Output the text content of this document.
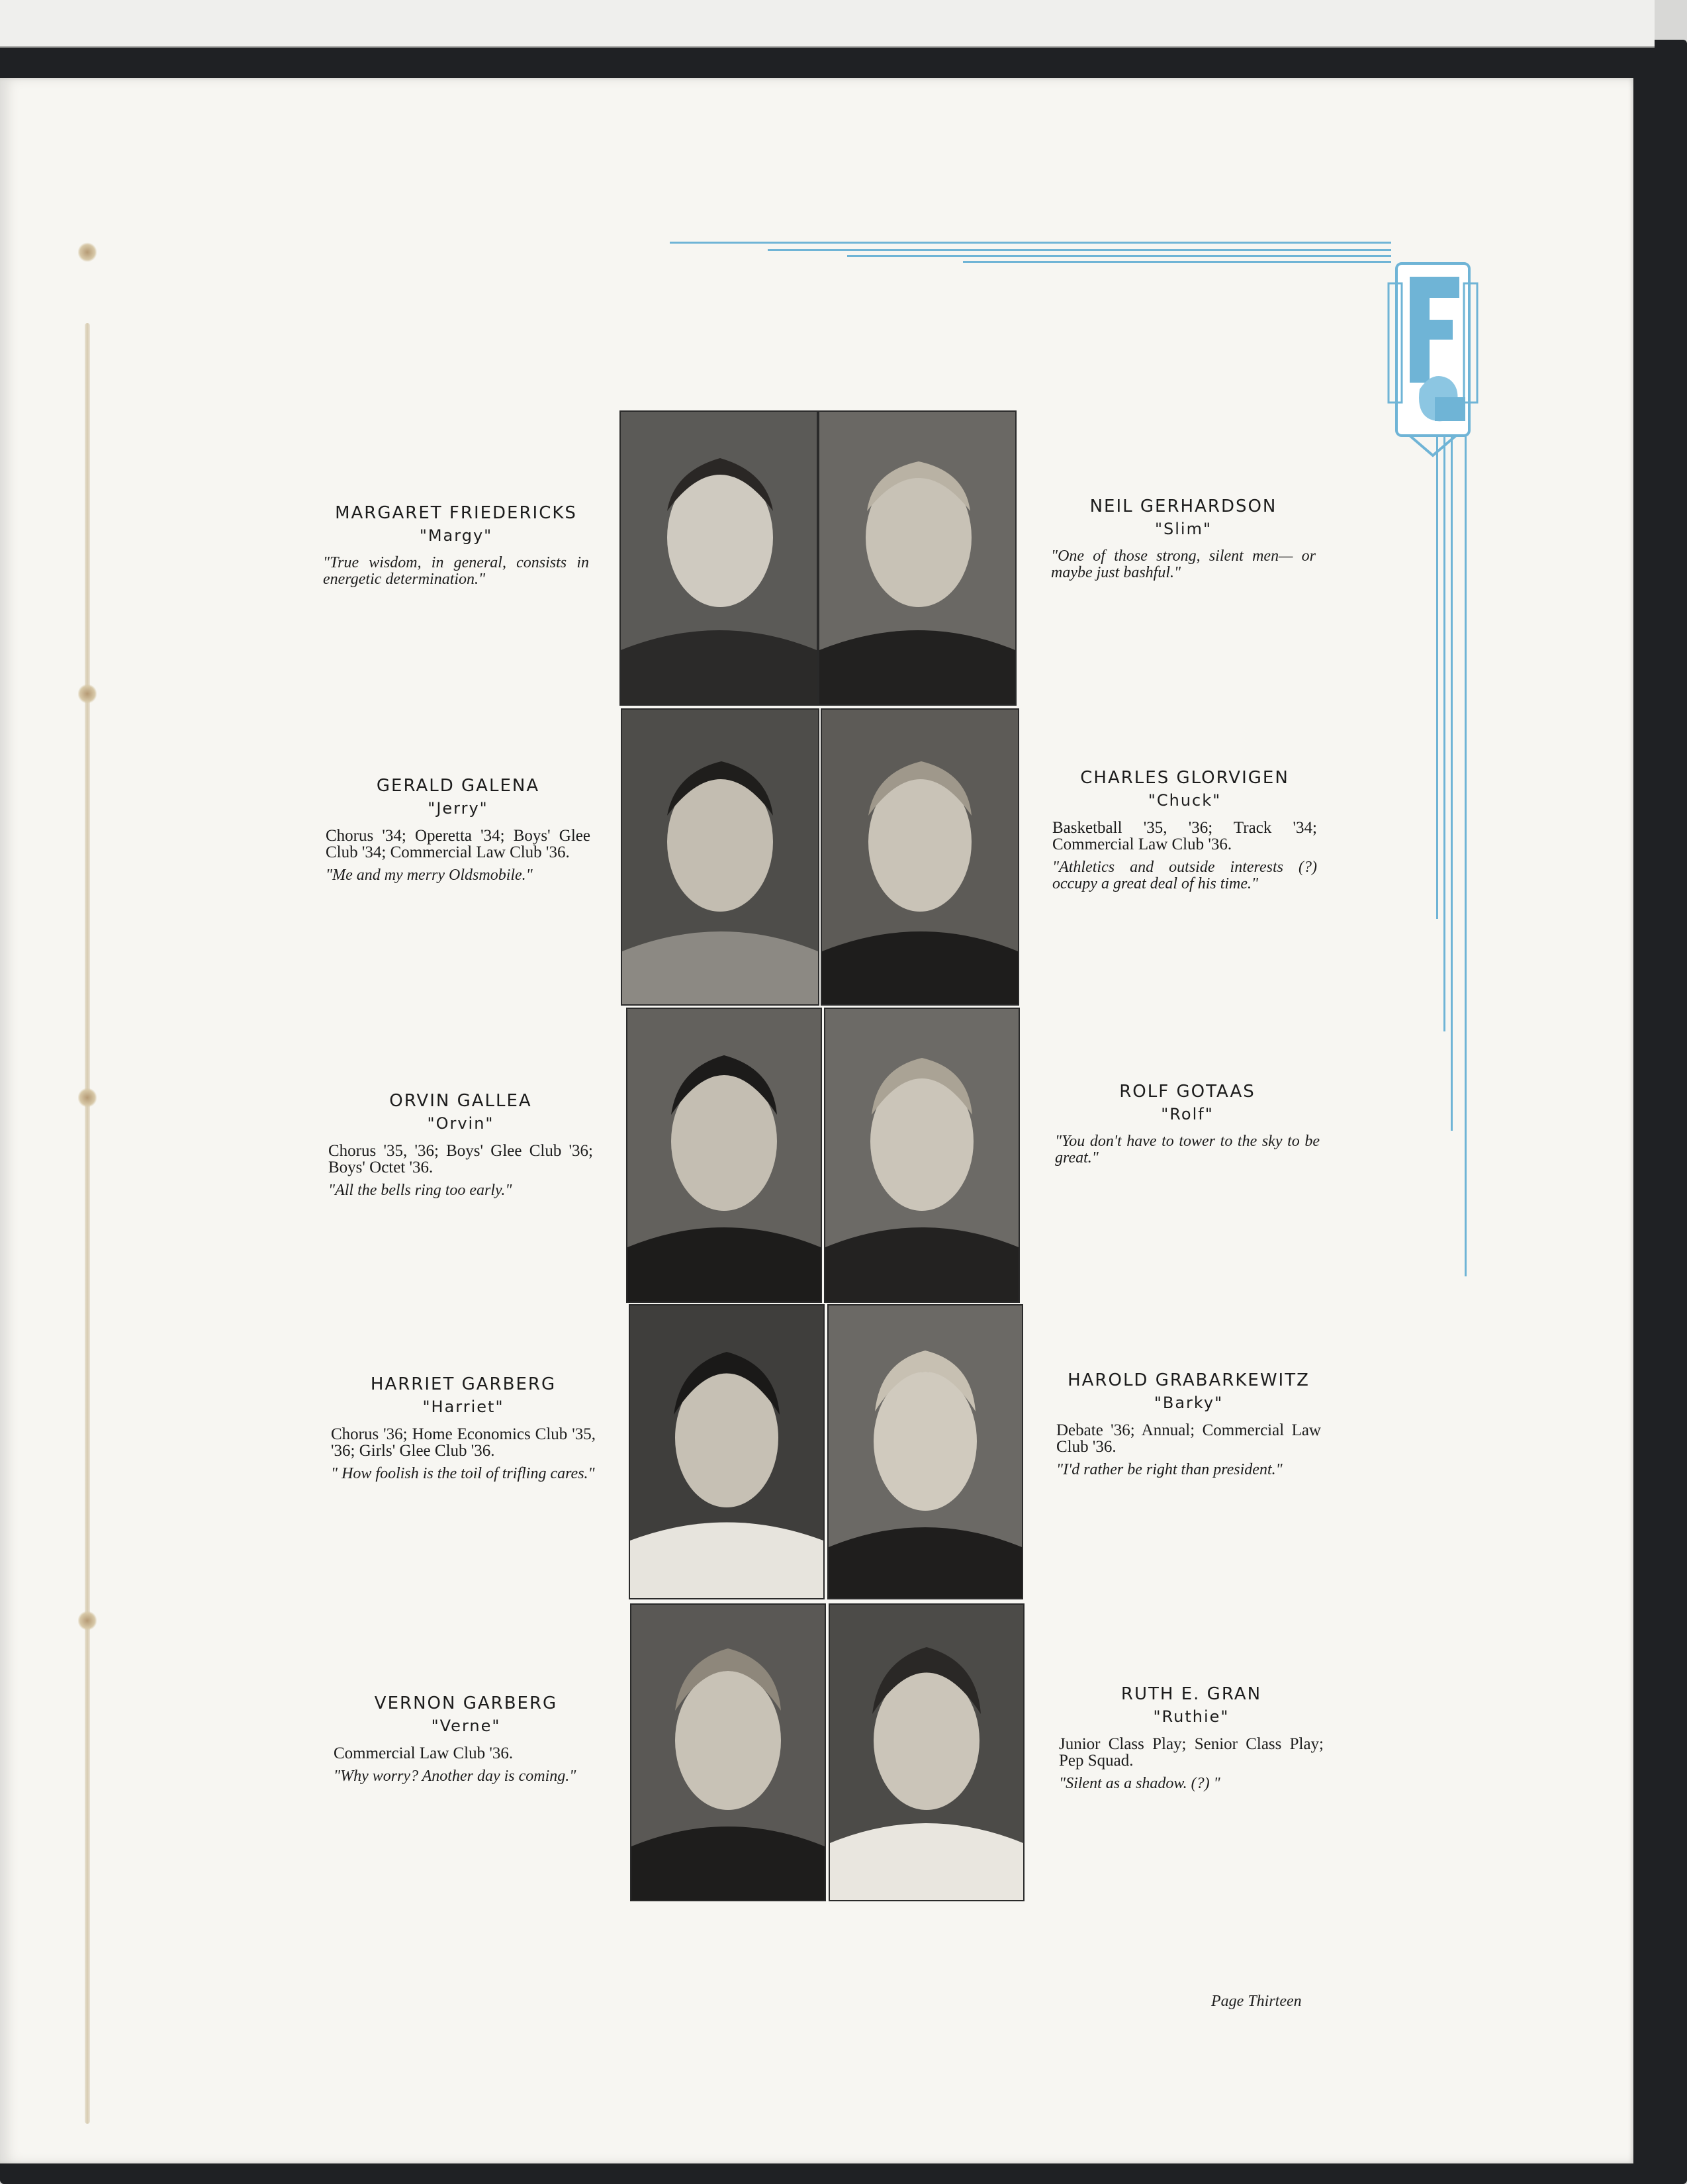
MARGARET FRIEDERICKS
"Margy"
"True wisdom, in general, consists in energetic determination."
GERALD GALENA
"Jerry"
Chorus '34; Operetta '34; Boys' Glee Club '34; Commercial Law Club '36.
"Me and my merry Oldsmobile."
ORVIN GALLEA
"Orvin"
Chorus '35, '36; Boys' Glee Club '36; Boys' Octet '36.
"All the bells ring too early."
HARRIET GARBERG
"Harriet"
Chorus '36; Home Economics Club '35, '36; Girls' Glee Club '36.
" How foolish is the toil of trifling cares."
VERNON GARBERG
"Verne"
Commercial Law Club '36.
"Why worry? Another day is coming."
NEIL GERHARDSON
"Slim"
"One of those strong, silent men— or maybe just bashful."
CHARLES GLORVIGEN
"Chuck"
Basketball '35, '36; Track '34; Commercial Law Club '36.
"Athletics and outside interests (?) occupy a great deal of his time."
ROLF GOTAAS
"Rolf"
"You don't have to tower to the sky to be great."
HAROLD GRABARKEWITZ
"Barky"
Debate '36; Annual; Commercial Law Club '36.
"I'd rather be right than president."
RUTH E. GRAN
"Ruthie"
Junior Class Play; Senior Class Play; Pep Squad.
"Silent as a shadow. (?) "
Page Thirteen
